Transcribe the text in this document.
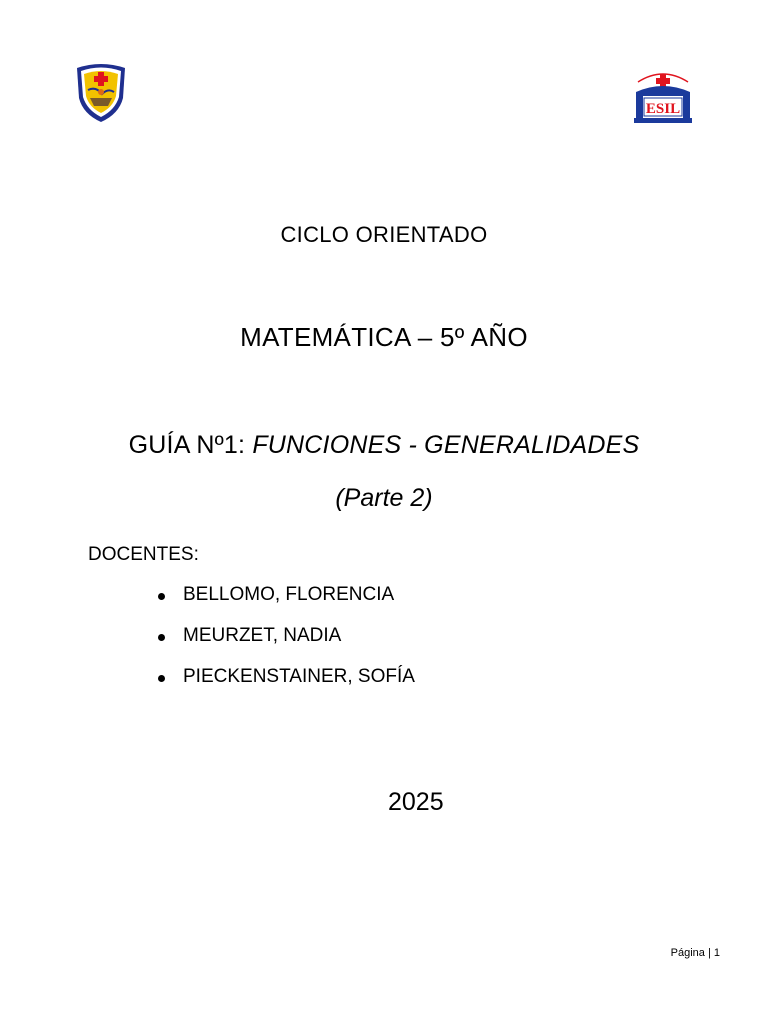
ESIL
CICLO ORIENTADO
MATEMÁTICA – 5º AÑO
GUÍA Nº1: FUNCIONES - GENERALIDADES
(Parte 2)
DOCENTES:
BELLOMO, FLORENCIA
MEURZET, NADIA
PIECKENSTAINER, SOFÍA
2025
Página | 1
